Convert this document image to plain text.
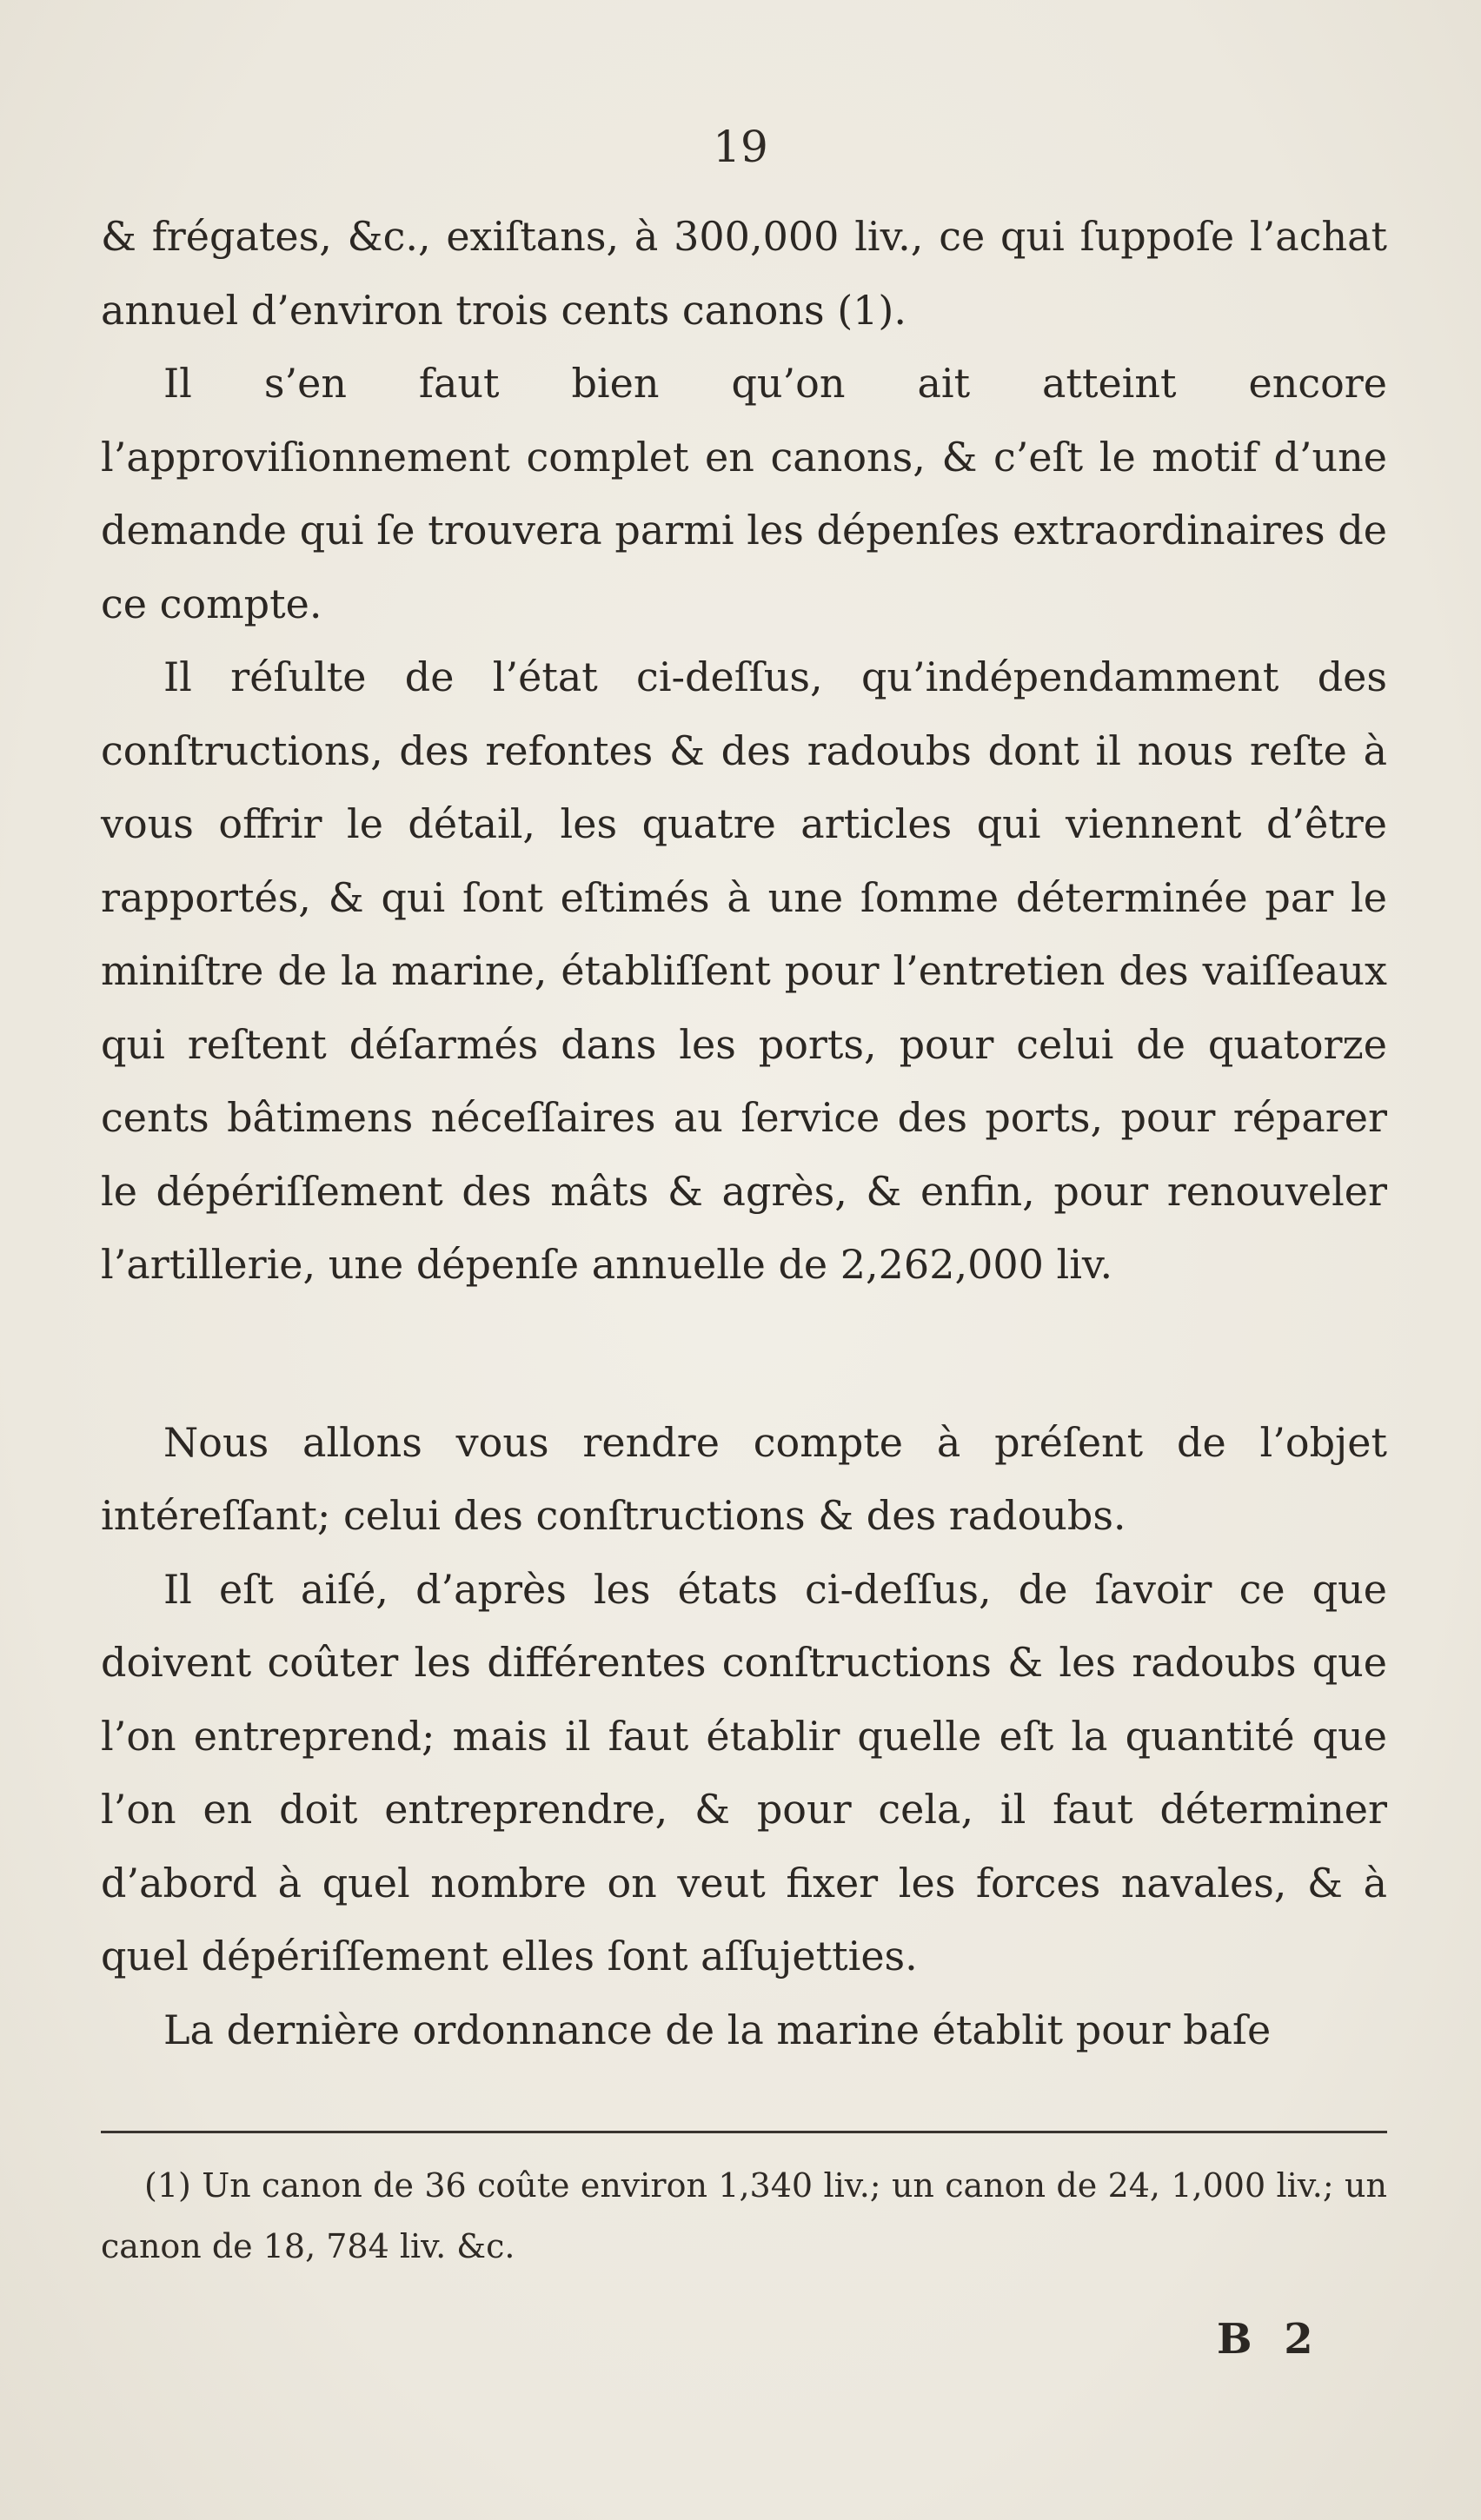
19

& frégates, &c., exiſtans, à 300,000 liv., ce qui ſuppoſe l’achat annuel d’environ trois cents canons (1).

Il s’en faut bien qu’on ait atteint encore l’approviſionnement complet en canons, & c’eſt le motif d’une demande qui ſe trouvera parmi les dépenſes extraordinaires de ce compte.

Il réſulte de l’état ci-deſſus, qu’indépendamment des conſtructions, des refontes & des radoubs dont il nous reſte à vous offrir le détail, les quatre articles qui viennent d’être rapportés, & qui ſont eſtimés à une ſomme déterminée par le miniſtre de la marine, établiſſent pour l’entretien des vaiſſeaux qui reſtent déſarmés dans les ports, pour celui de quatorze cents bâtimens néceſſaires au ſervice des ports, pour réparer le dépériſſement des mâts & agrès, & enfin, pour renouveler l’artillerie, une dépenſe annuelle de 2,262,000 liv.

Nous allons vous rendre compte à préſent de l’objet intéreſſant; celui des conſtructions & des radoubs.

Il eſt aiſé, d’après les états ci-deſſus, de ſavoir ce que doivent coûter les différentes conſtructions & les radoubs que l’on entreprend; mais il faut établir quelle eſt la quantité que l’on en doit entreprendre, & pour cela, il faut déterminer d’abord à quel nombre on veut fixer les forces navales, & à quel dépériſſement elles ſont aſſujetties.

La dernière ordonnance de la marine établit pour baſe

(1) Un canon de 36 coûte environ 1,340 liv.; un canon de 24, 1,000 liv.; un canon de 18, 784 liv. &c.
B 2
